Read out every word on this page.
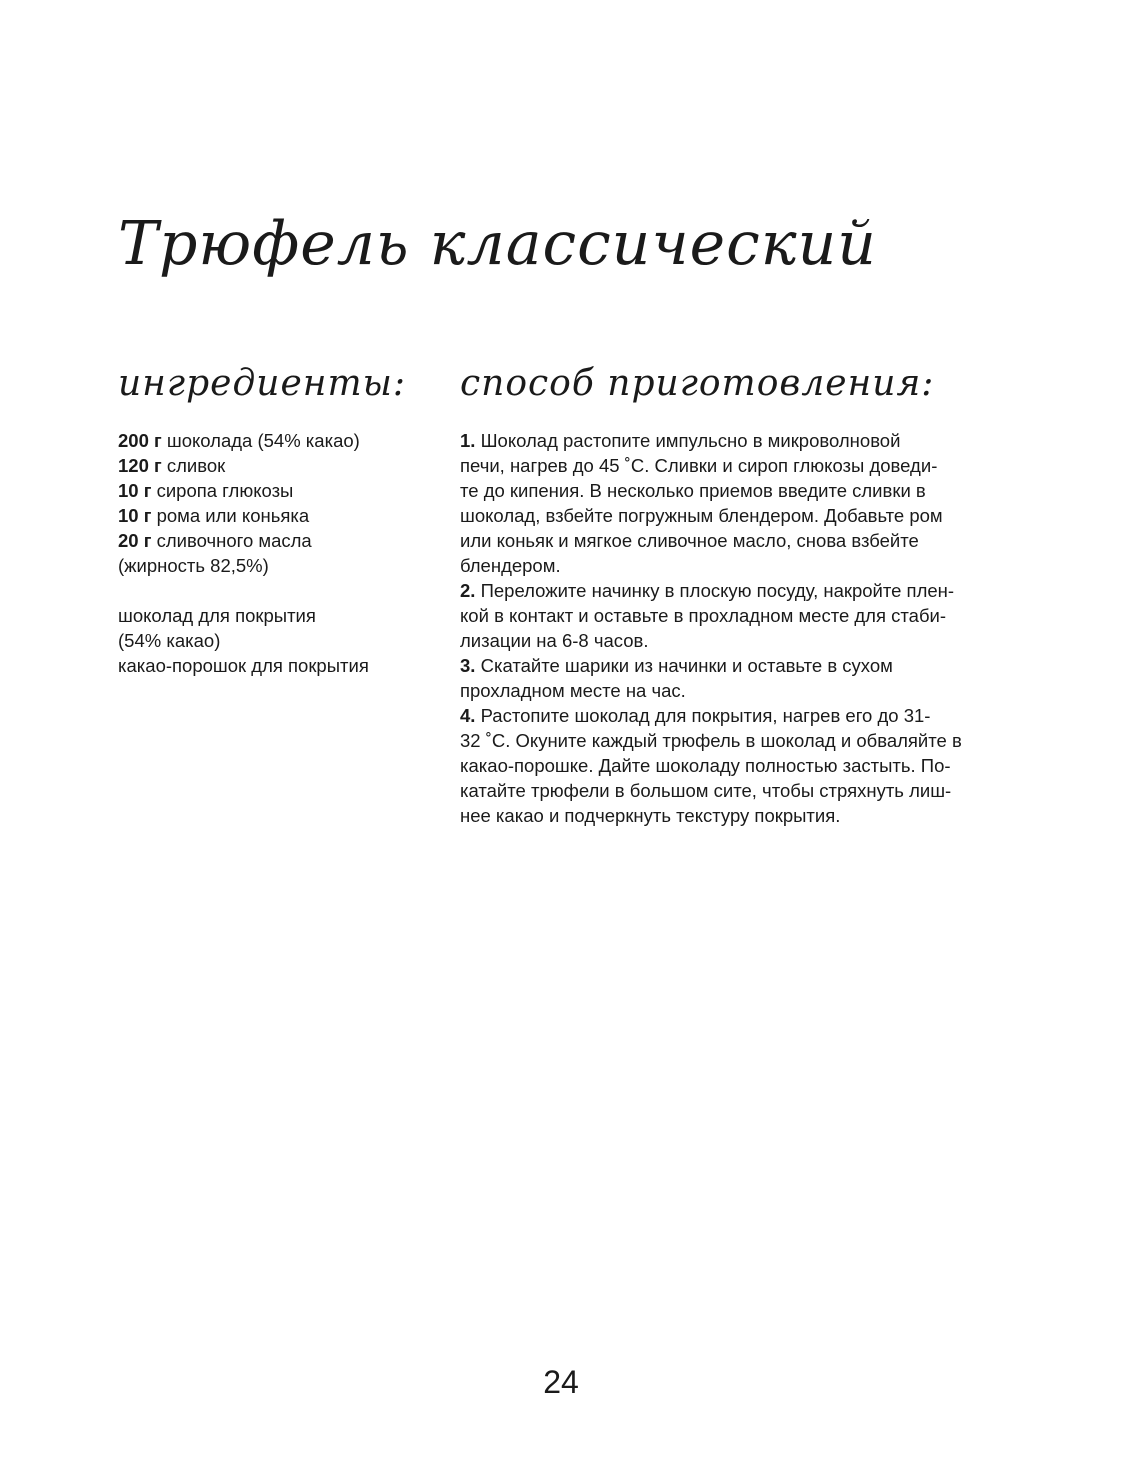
Трюфель классический
ингредиенты: способ приготовления:
200 г шоколада (54% какао)
120 г сливок
10 г сиропа глюкозы
10 г рома или коньяка
20 г сливочного масла
(жирность 82,5%)
шоколад для покрытия
(54% какао)
какао-порошок для покрытия
1. Шоколад растопите импульсно в микроволновой
печи, нагрев до 45 ˚С. Сливки и сироп глюкозы доведи-
те до кипения. В несколько приемов введите сливки в
шоколад, взбейте погружным блендером. Добавьте ром
или коньяк и мягкое сливочное масло, снова взбейте
блендером.
2. Переложите начинку в плоскую посуду, накройте плен-
кой в контакт и оставьте в прохладном месте для стаби-
лизации на 6-8 часов.
3. Скатайте шарики из начинки и оставьте в сухом
прохладном месте на час.
4. Растопите шоколад для покрытия, нагрев его до 31-
32 ˚С. Окуните каждый трюфель в шоколад и обваляйте в
какао-порошке. Дайте шоколаду полностью застыть. По-
катайте трюфели в большом сите, чтобы стряхнуть лиш-
нее какао и подчеркнуть текстуру покрытия.
24
